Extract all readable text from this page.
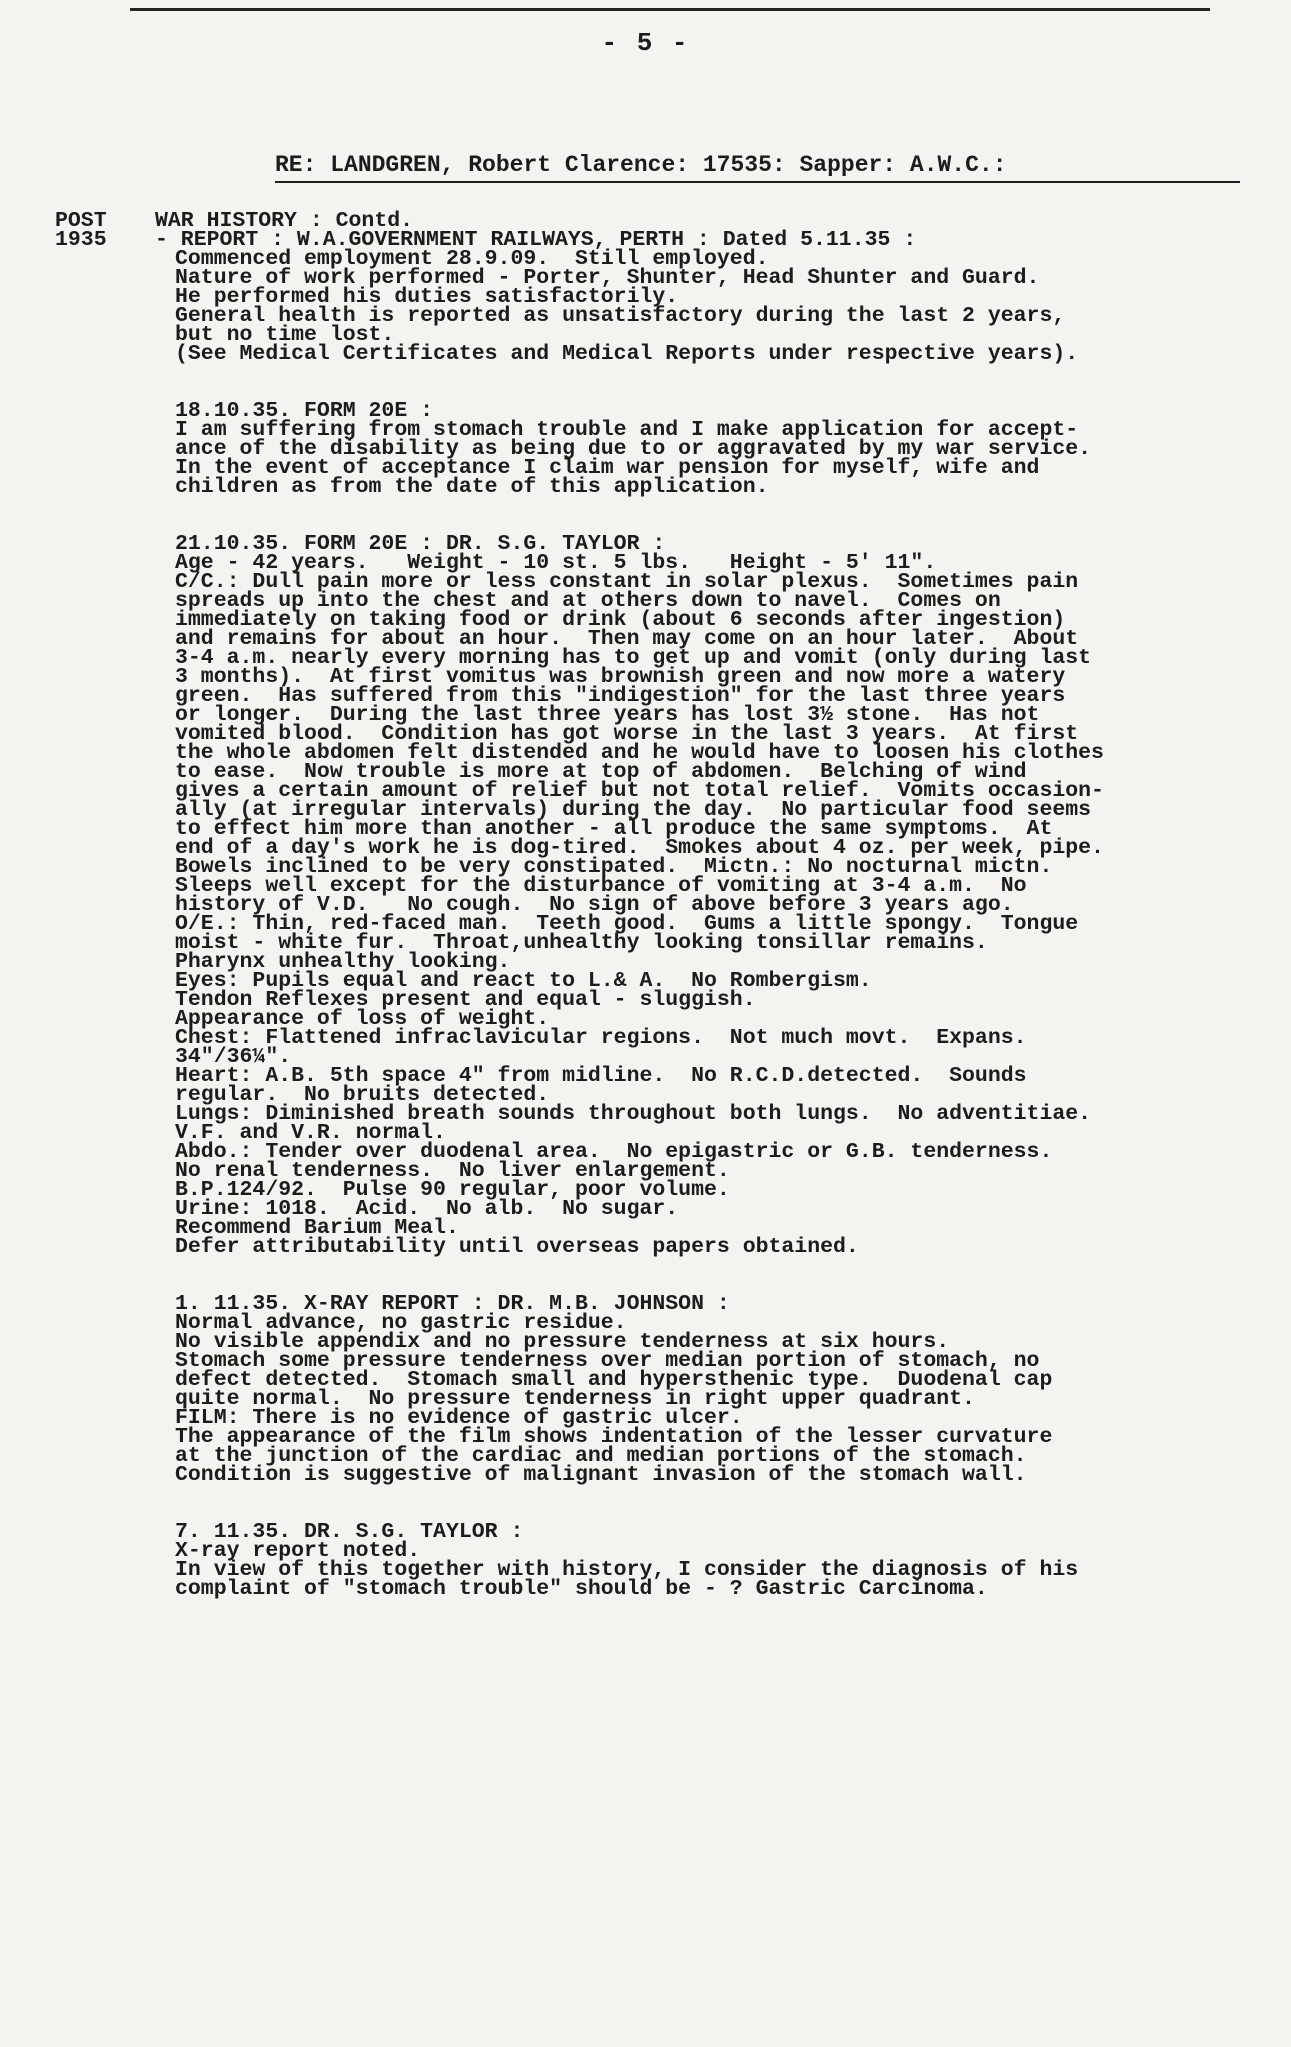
- 5 -
RE: LANDGREN, Robert Clarence: 17535: Sapper: A.W.C.:
POST WAR HISTORY : Contd.
1935 - REPORT : W.A.GOVERNMENT RAILWAYS, PERTH : Dated 5.11.35 :
Commenced employment 28.9.09.  Still employed.
Nature of work performed - Porter, Shunter, Head Shunter and Guard.
He performed his duties satisfactorily.
General health is reported as unsatisfactory during the last 2 years,
but no time lost.
(See Medical Certificates and Medical Reports under respective years).
18.10.35. FORM 20E :
I am suffering from stomach trouble and I make application for accept-
ance of the disability as being due to or aggravated by my war service.
In the event of acceptance I claim war pension for myself, wife and
children as from the date of this application.
21.10.35. FORM 20E : DR. S.G. TAYLOR :
Age - 42 years.   Weight - 10 st. 5 lbs.   Height - 5' 11".
C/C.: Dull pain more or less constant in solar plexus.  Sometimes pain
spreads up into the chest and at others down to navel.  Comes on
immediately on taking food or drink (about 6 seconds after ingestion)
and remains for about an hour.  Then may come on an hour later.  About
3-4 a.m. nearly every morning has to get up and vomit (only during last
3 months).  At first vomitus was brownish green and now more a watery
green.  Has suffered from this "indigestion" for the last three years
or longer.  During the last three years has lost 3½ stone.  Has not
vomited blood.  Condition has got worse in the last 3 years.  At first
the whole abdomen felt distended and he would have to loosen his clothes
to ease.  Now trouble is more at top of abdomen.  Belching of wind
gives a certain amount of relief but not total relief.  Vomits occasion-
ally (at irregular intervals) during the day.  No particular food seems
to effect him more than another - all produce the same symptoms.  At
end of a day's work he is dog-tired.  Smokes about 4 oz. per week, pipe.
Bowels inclined to be very constipated.  Mictn.: No nocturnal mictn.
Sleeps well except for the disturbance of vomiting at 3-4 a.m.  No
history of V.D.   No cough.  No sign of above before 3 years ago.
O/E.: Thin, red-faced man.  Teeth good.  Gums a little spongy.  Tongue
moist - white fur.  Throat,unhealthy looking tonsillar remains.
Pharynx unhealthy looking.
Eyes: Pupils equal and react to L.& A.  No Rombergism.
Tendon Reflexes present and equal - sluggish.
Appearance of loss of weight.
Chest: Flattened infraclavicular regions.  Not much movt.  Expans.
34"/36¼".
Heart: A.B. 5th space 4" from midline.  No R.C.D.detected.  Sounds
regular.  No bruits detected.
Lungs: Diminished breath sounds throughout both lungs.  No adventitiae.
V.F. and V.R. normal.
Abdo.: Tender over duodenal area.  No epigastric or G.B. tenderness.
No renal tenderness.  No liver enlargement.
B.P.124/92.  Pulse 90 regular, poor volume.
Urine: 1018.  Acid.  No alb.  No sugar.
Recommend Barium Meal.
Defer attributability until overseas papers obtained.
1. 11.35. X-RAY REPORT : DR. M.B. JOHNSON :
Normal advance, no gastric residue.
No visible appendix and no pressure tenderness at six hours.
Stomach some pressure tenderness over median portion of stomach, no
defect detected.  Stomach small and hypersthenic type.  Duodenal cap
quite normal.  No pressure tenderness in right upper quadrant.
FILM: There is no evidence of gastric ulcer.
The appearance of the film shows indentation of the lesser curvature
at the junction of the cardiac and median portions of the stomach.
Condition is suggestive of malignant invasion of the stomach wall.
7. 11.35. DR. S.G. TAYLOR :
X-ray report noted.
In view of this together with history, I consider the diagnosis of his
complaint of "stomach trouble" should be - ? Gastric Carcinoma.
